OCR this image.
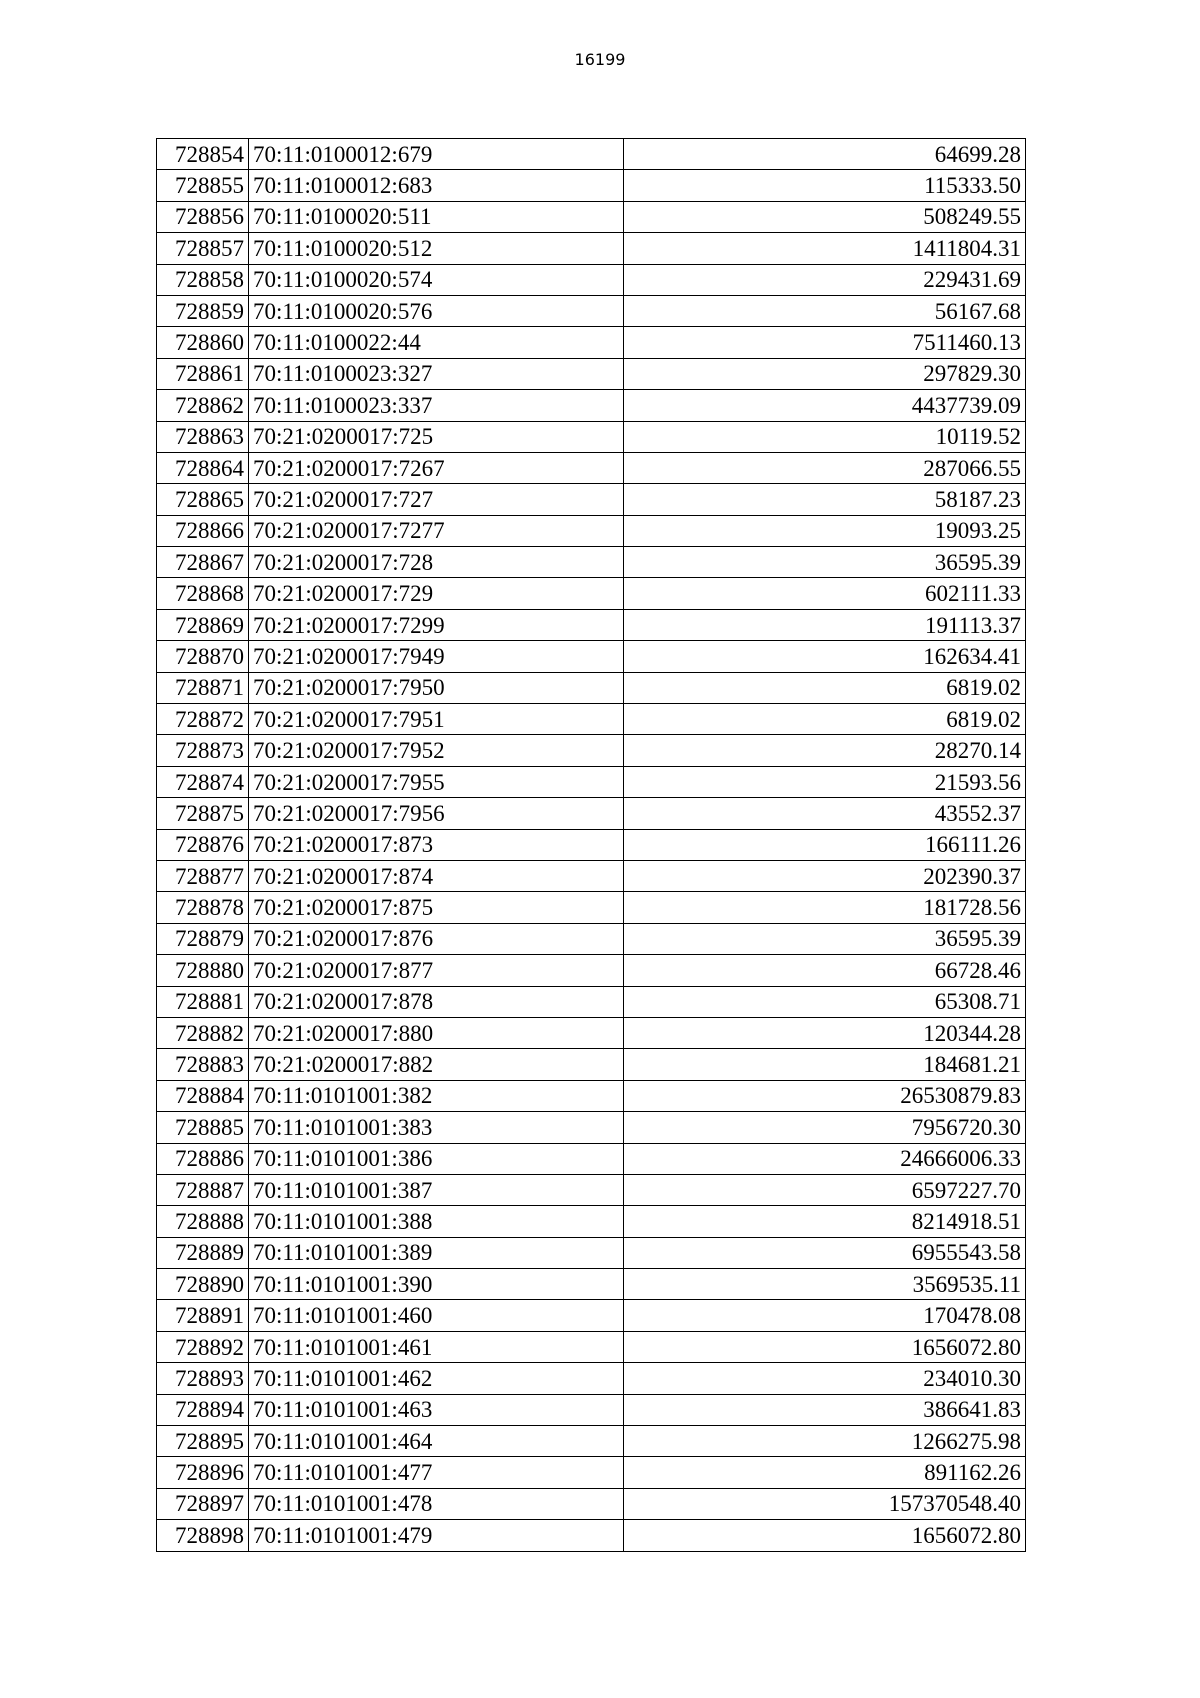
16199
728854	70:11:0100012:679	64699.28
728855	70:11:0100012:683	115333.50
728856	70:11:0100020:511	508249.55
728857	70:11:0100020:512	1411804.31
728858	70:11:0100020:574	229431.69
728859	70:11:0100020:576	56167.68
728860	70:11:0100022:44	7511460.13
728861	70:11:0100023:327	297829.30
728862	70:11:0100023:337	4437739.09
728863	70:21:0200017:725	10119.52
728864	70:21:0200017:7267	287066.55
728865	70:21:0200017:727	58187.23
728866	70:21:0200017:7277	19093.25
728867	70:21:0200017:728	36595.39
728868	70:21:0200017:729	602111.33
728869	70:21:0200017:7299	191113.37
728870	70:21:0200017:7949	162634.41
728871	70:21:0200017:7950	6819.02
728872	70:21:0200017:7951	6819.02
728873	70:21:0200017:7952	28270.14
728874	70:21:0200017:7955	21593.56
728875	70:21:0200017:7956	43552.37
728876	70:21:0200017:873	166111.26
728877	70:21:0200017:874	202390.37
728878	70:21:0200017:875	181728.56
728879	70:21:0200017:876	36595.39
728880	70:21:0200017:877	66728.46
728881	70:21:0200017:878	65308.71
728882	70:21:0200017:880	120344.28
728883	70:21:0200017:882	184681.21
728884	70:11:0101001:382	26530879.83
728885	70:11:0101001:383	7956720.30
728886	70:11:0101001:386	24666006.33
728887	70:11:0101001:387	6597227.70
728888	70:11:0101001:388	8214918.51
728889	70:11:0101001:389	6955543.58
728890	70:11:0101001:390	3569535.11
728891	70:11:0101001:460	170478.08
728892	70:11:0101001:461	1656072.80
728893	70:11:0101001:462	234010.30
728894	70:11:0101001:463	386641.83
728895	70:11:0101001:464	1266275.98
728896	70:11:0101001:477	891162.26
728897	70:11:0101001:478	157370548.40
728898	70:11:0101001:479	1656072.80
